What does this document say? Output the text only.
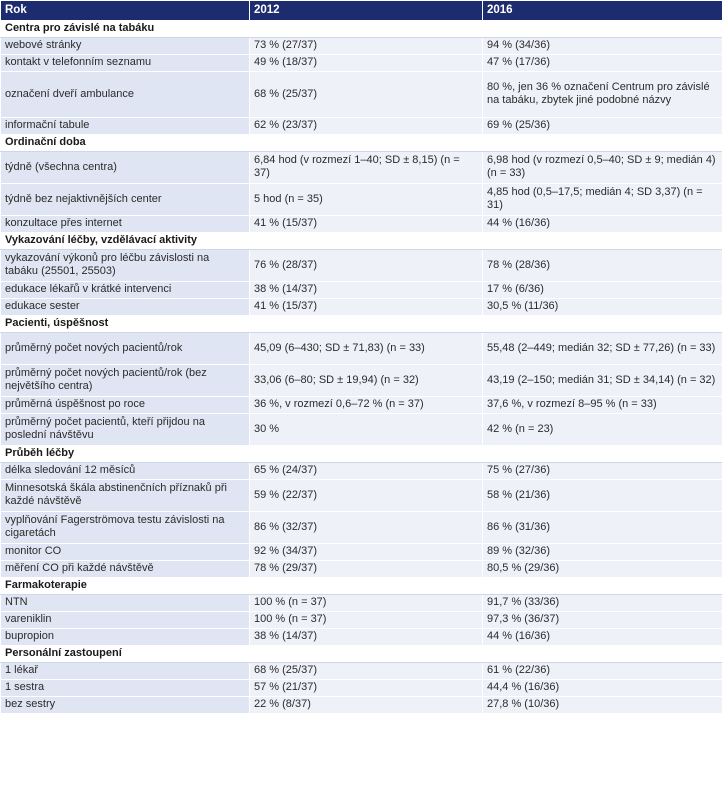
Rok	2012	2016
Centra pro závislé na tabáku		
webové stránky	73 % (27/37)	94 % (34/36)
kontakt v telefonním seznamu	49 % (18/37)	47 % (17/36)
označení dveří ambulance	68 % (25/37)	80 %, jen 36 % označení Centrum pro závislé na tabáku, zbytek jiné podobné názvy
informační tabule	62 % (23/37)	69 % (25/36)
Ordinační doba		
týdně (všechna centra)	6,84 hod (v rozmezí 1–40; SD ± 8,15) (n = 37)	6,98 hod (v rozmezí 0,5–40; SD ± 9; medián 4) (n = 33)
týdně bez nejaktivnějších center	5 hod (n = 35)	4,85 hod (0,5–17,5; medián 4; SD 3,37) (n = 31)
konzultace přes internet	41 % (15/37)	44 % (16/36)
Vykazování léčby, vzdělávací aktivity		
vykazování výkonů pro léčbu závislosti na tabáku (25501, 25503)	76 % (28/37)	78 % (28/36)
edukace lékařů v krátké intervenci	38 % (14/37)	17 % (6/36)
edukace sester	41 % (15/37)	30,5 % (11/36)
Pacienti, úspěšnost		
průměrný počet nových pacientů/rok	45,09 (6–430; SD ± 71,83) (n = 33)	55,48 (2–449; medián 32; SD ± 77,26) (n = 33)
průměrný počet nových pacientů/rok (bez největšího centra)	33,06 (6–80; SD ± 19,94) (n = 32)	43,19 (2–150; medián 31; SD ± 34,14) (n = 32)
průměrná úspěšnost po roce	36 %, v rozmezí 0,6–72 % (n = 37)	37,6 %, v rozmezí 8–95 % (n = 33)
průměrný počet pacientů, kteří přijdou na poslední návštěvu	30 %	42 % (n = 23)
Průběh léčby		
délka sledování 12 měsíců	65 % (24/37)	75 % (27/36)
Minnesotská škála abstinenčních příznaků při každé návštěvě	59 % (22/37)	58 % (21/36)
vyplňování Fagerströmova testu závislosti na cigaretách	86 % (32/37)	86 % (31/36)
monitor CO	92 % (34/37)	89 % (32/36)
měření CO při každé návštěvě	78 % (29/37)	80,5 % (29/36)
Farmakoterapie		
NTN	100 % (n = 37)	91,7 % (33/36)
vareniklin	100 % (n = 37)	97,3 % (36/37)
bupropion	38 % (14/37)	44 % (16/36)
Personální zastoupení		
1 lékař	68 % (25/37)	61 % (22/36)
1 sestra	57 % (21/37)	44,4 % (16/36)
bez sestry	22 % (8/37)	27,8 % (10/36)
